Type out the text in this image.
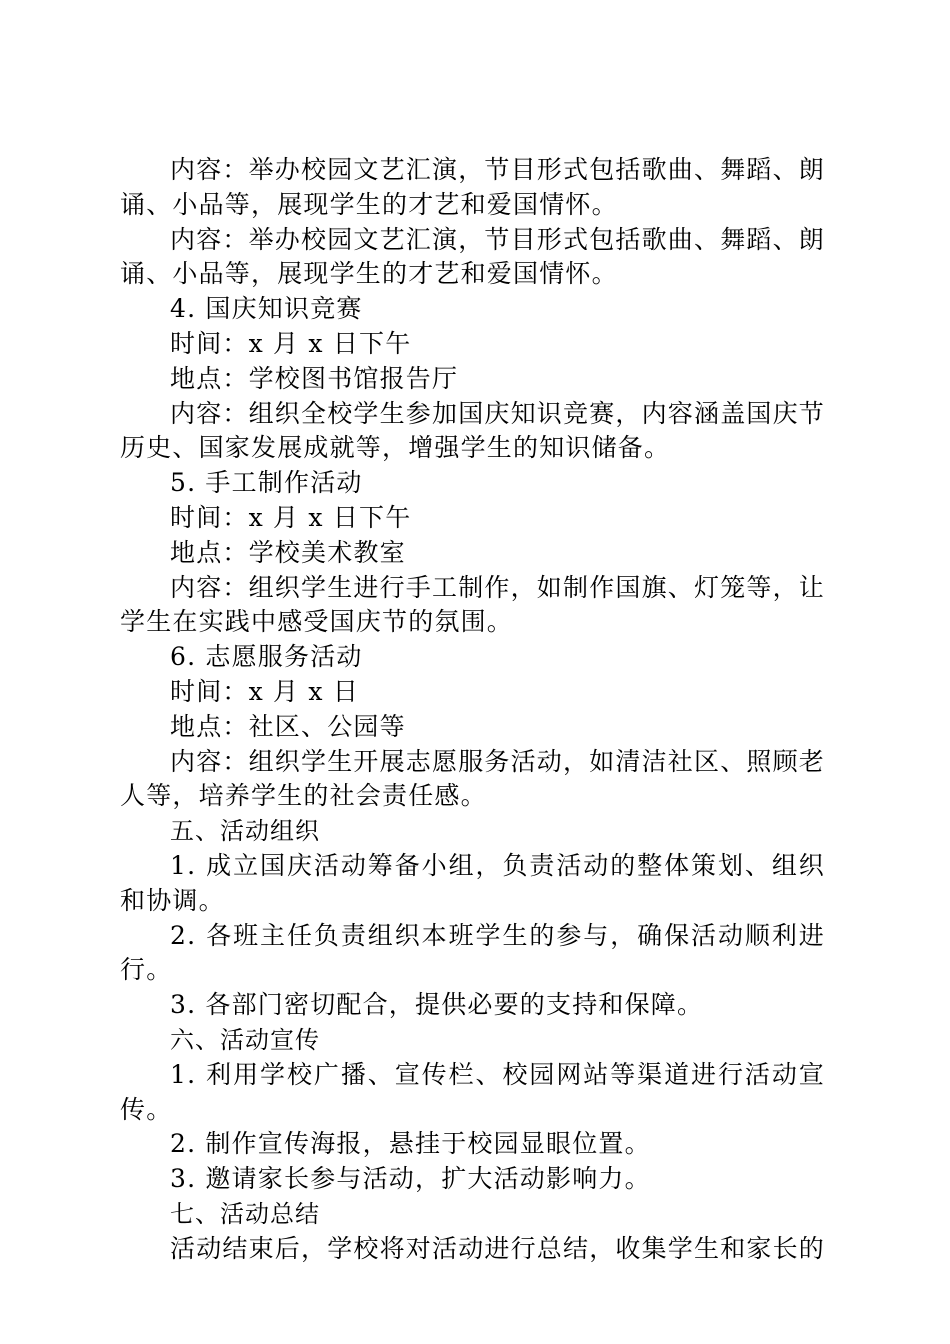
内容：举办校园文艺汇演，节目形式包括歌曲、舞蹈、朗诵、小品等，展现学生的才艺和爱国情怀。

内容：举办校园文艺汇演，节目形式包括歌曲、舞蹈、朗诵、小品等，展现学生的才艺和爱国情怀。

4. 国庆知识竞赛

时间：x 月 x 日下午

地点：学校图书馆报告厅

内容：组织全校学生参加国庆知识竞赛，内容涵盖国庆节历史、国家发展成就等，增强学生的知识储备。

5. 手工制作活动

时间：x 月 x 日下午

地点：学校美术教室

内容：组织学生进行手工制作，如制作国旗、灯笼等，让学生在实践中感受国庆节的氛围。

6. 志愿服务活动

时间：x 月 x 日

地点：社区、公园等

内容：组织学生开展志愿服务活动，如清洁社区、照顾老人等，培养学生的社会责任感。

五、活动组织

1. 成立国庆活动筹备小组，负责活动的整体策划、组织和协调。

2. 各班主任负责组织本班学生的参与，确保活动顺利进行。

3. 各部门密切配合，提供必要的支持和保障。

六、活动宣传

1. 利用学校广播、宣传栏、校园网站等渠道进行活动宣传。

2. 制作宣传海报，悬挂于校园显眼位置。

3. 邀请家长参与活动，扩大活动影响力。

七、活动总结

活动结束后，学校将对活动进行总结，收集学生和家长的
